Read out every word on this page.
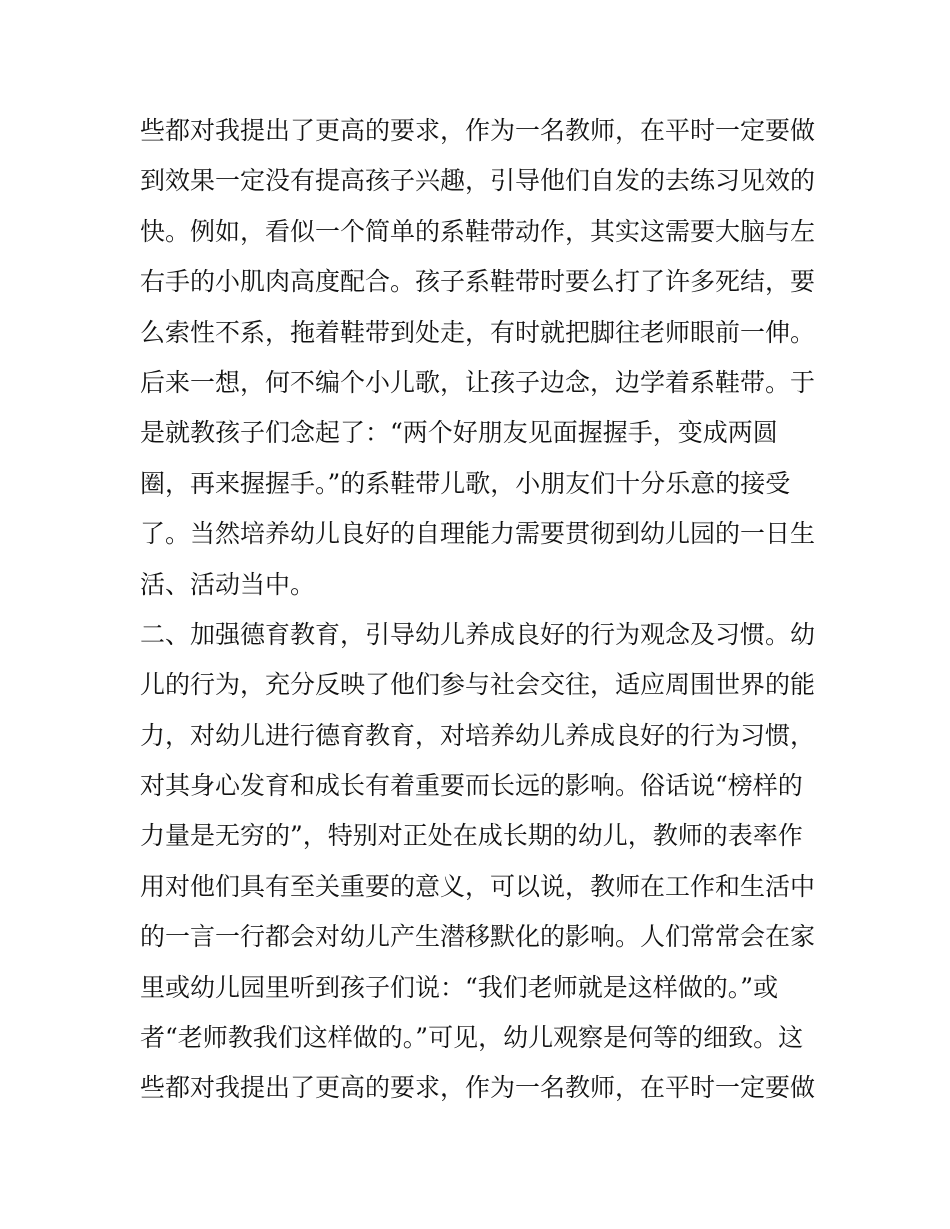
些都对我提出了更高的要求，作为一名教师，在平时一定要做
到效果一定没有提高孩子兴趣，引导他们自发的去练习见效的
快。例如，看似一个简单的系鞋带动作，其实这需要大脑与左
右手的小肌肉高度配合。孩子系鞋带时要么打了许多死结，要
么索性不系，拖着鞋带到处走，有时就把脚往老师眼前一伸。
后来一想，何不编个小儿歌，让孩子边念，边学着系鞋带。于
是就教孩子们念起了：“两个好朋友见面握握手，变成两圆
圈，再来握握手。”的系鞋带儿歌，小朋友们十分乐意的接受
了。当然培养幼儿良好的自理能力需要贯彻到幼儿园的一日生
活、活动当中。
二、加强德育教育，引导幼儿养成良好的行为观念及习惯。幼
儿的行为，充分反映了他们参与社会交往，适应周围世界的能
力，对幼儿进行德育教育，对培养幼儿养成良好的行为习惯，
对其身心发育和成长有着重要而长远的影响。俗话说“榜样的
力量是无穷的”，特别对正处在成长期的幼儿，教师的表率作
用对他们具有至关重要的意义，可以说，教师在工作和生活中
的一言一行都会对幼儿产生潜移默化的影响。人们常常会在家
里或幼儿园里听到孩子们说：“我们老师就是这样做的。”或
者“老师教我们这样做的。”可见，幼儿观察是何等的细致。这
些都对我提出了更高的要求，作为一名教师，在平时一定要做
